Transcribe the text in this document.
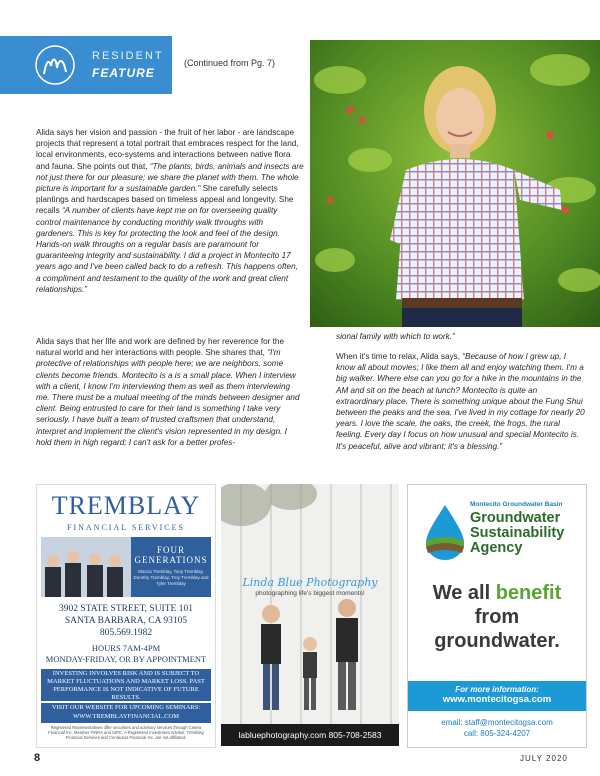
RESIDENT
FEATURE
(Continued from Pg. 7)

Alida says her vision and passion - the fruit of her labor - are landscape projects that represent a total portrait that embraces respect for the land, local environments, eco-systems and interactions between native flora and fauna. She points out that, “The plants, birds, animals and insects are not just there for our pleasure; we share the planet with them. The whole picture is important for a sustainable garden.” She carefully selects plantings and hardscapes based on timeless appeal and longevity. She recalls “A number of clients have kept me on for overseeing quality control maintenance by conducting monthly walk throughs with gardeners. This is key for protecting the look and feel of the design. Hands-on walk throughs on a regular basis are paramount for guaranteeing integrity and sustainability. I did a project in Montecito 17 years ago and I've been called back to do a refresh. This happens often, a compliment and testament to the quality of the work and great client relationships.”

Alida says that her life and work are defined by her reverence for the natural world and her interactions with people. She shares that, “I'm protective of relationships with people here; we are neighbors, some clients become friends. Montecito is a is a small place. When I interview with a client, I know I'm interviewing them as well as them interviewing me. There must be a mutual meeting of the minds between designer and client. Being entrusted to care for their land is something I take very seriously. I have built a team of trusted craftsmen that understand, interpret and implement the client's vision represented in my design. I hold them in high regard; I can't ask for a better profes-

sional family with which to work.”

When it's time to relax, Alida says, “Because of how I grew up, I know all about movies; I like them all and enjoy watching them. I'm a big walker. Where else can you go for a hike in the mountains in the AM and sit on the beach at lunch? Montecito is quite an extraordinary place. There is something unique about the Fung Shui between the peaks and the sea. I've lived in my cottage for nearly 20 years. I love the scale, the oaks, the creek, the frogs, the rural feeling. Every day I focus on how unusual and special Montecito is. It's peaceful, alive and vibrant; it's a blessing.”

TREMBLAY
FINANCIAL SERVICES
FOUR GENERATIONS
Marcia Tremblay, Tony Tremblay, Dorothy Tremblay, Troy Tremblay and Tyler Tremblay
3902 STATE STREET, SUITE 101
SANTA BARBARA, CA 93105
805.569.1982
HOURS 7AM-4PM
MONDAY-FRIDAY, OR BY APPOINTMENT
INVESTING INVOLVES RISK AND IS SUBJECT TO MARKET FLUCTUATIONS AND MARKET LOSS. PAST PERFORMANCE IS NOT INDICATIVE OF FUTURE RESULTS.
VISIT OUR WEBSITE FOR UPCOMING SEMINARS:
WWW.TREMBLAYFINANCIAL.COM
Registered Representatives offer securities and advisory services through Cetera Financial Inc. Member FINRA and SIPC. A Registered Investment Advisor. Tremblay Financial Services and Centaurus Financial Inc. are not affiliated.
Linda Blue Photography
photographing life's biggest moments!
labluephotography.com 805-708-2583
Montecito Groundwater Basin
Groundwater
Sustainability
Agency
We all benefit
from
groundwater.
For more information:
www.montecitogsa.com
email: staff@montecitogsa.com
call: 805-324-4207
8	JULY 2020
